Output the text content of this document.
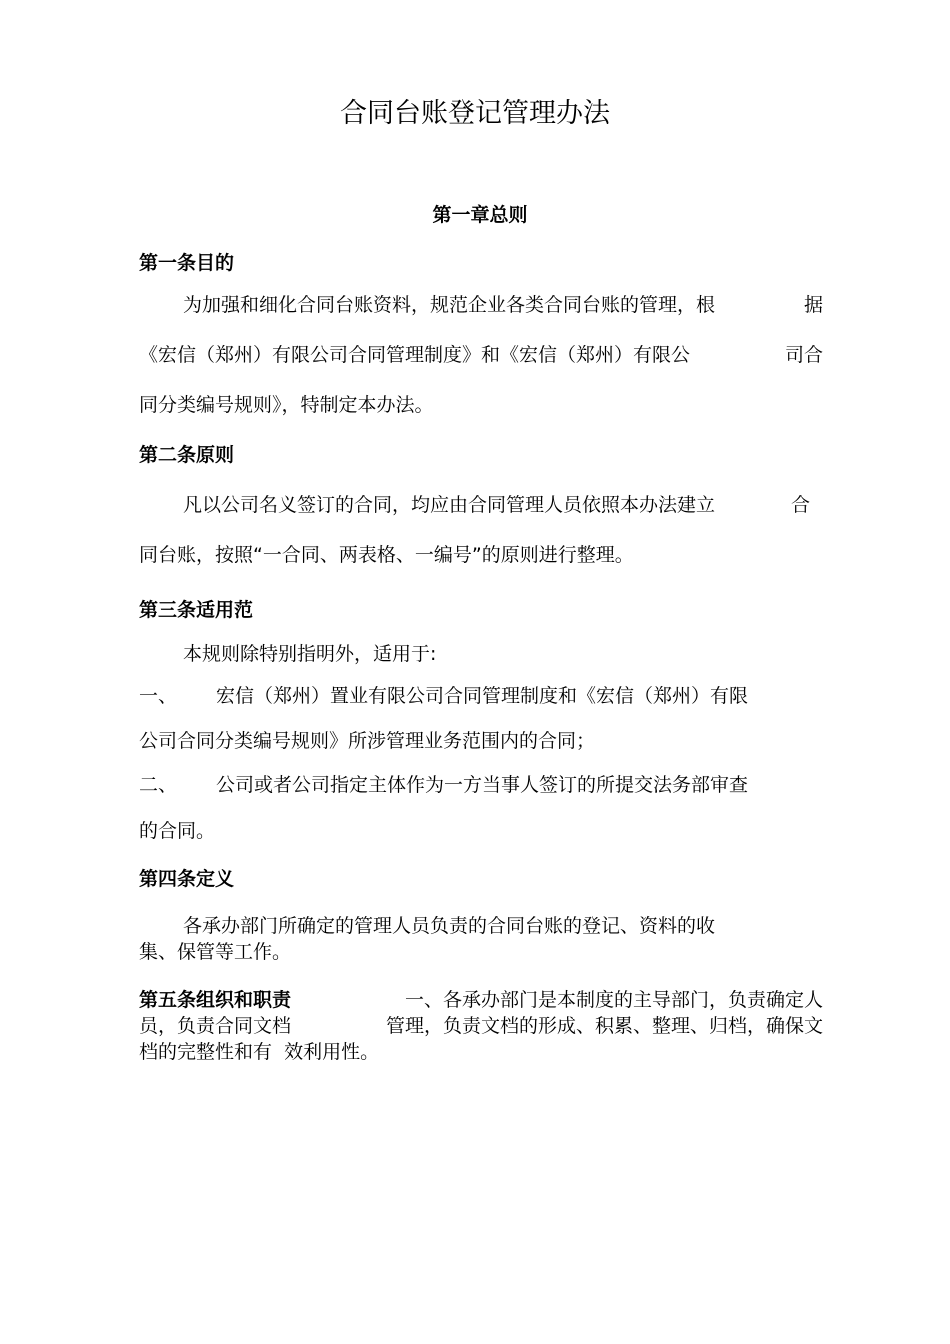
合同台账登记管理办法
第一章总则
第一条目的
为加强和细化合同台账资料，规范企业各类合同台账的管理，根	据
《宏信（郑州）有限公司合同管理制度》和《宏信（郑州）有限公	司合
同分类编号规则》，特制定本办法。
第二条原则
凡以公司名义签订的合同，均应由合同管理人员依照本办法建立	合
同台账，按照“一合同、两表格、一编号”的原则进行整理。
第三条适用范
本规则除特别指明外，适用于:
一、 宏信（郑州）置业有限公司合同管理制度和《宏信（郑州）有限
公司合同分类编号规则》所涉管理业务范围内的合同；
二、 公司或者公司指定主体作为一方当事人签订的所提交法务部审查
的合同。
第四条定义
各承办部门所确定的管理人员负责的合同台账的登记、资料的收
集、保管等工作。
第五条组织和职责	一、各承办部门是本制度的主导部门，负责确定人
员，负责合同文档	管理，负责文档的形成、积累、整理、归档，确保文
档的完整性和有  效利用性。
